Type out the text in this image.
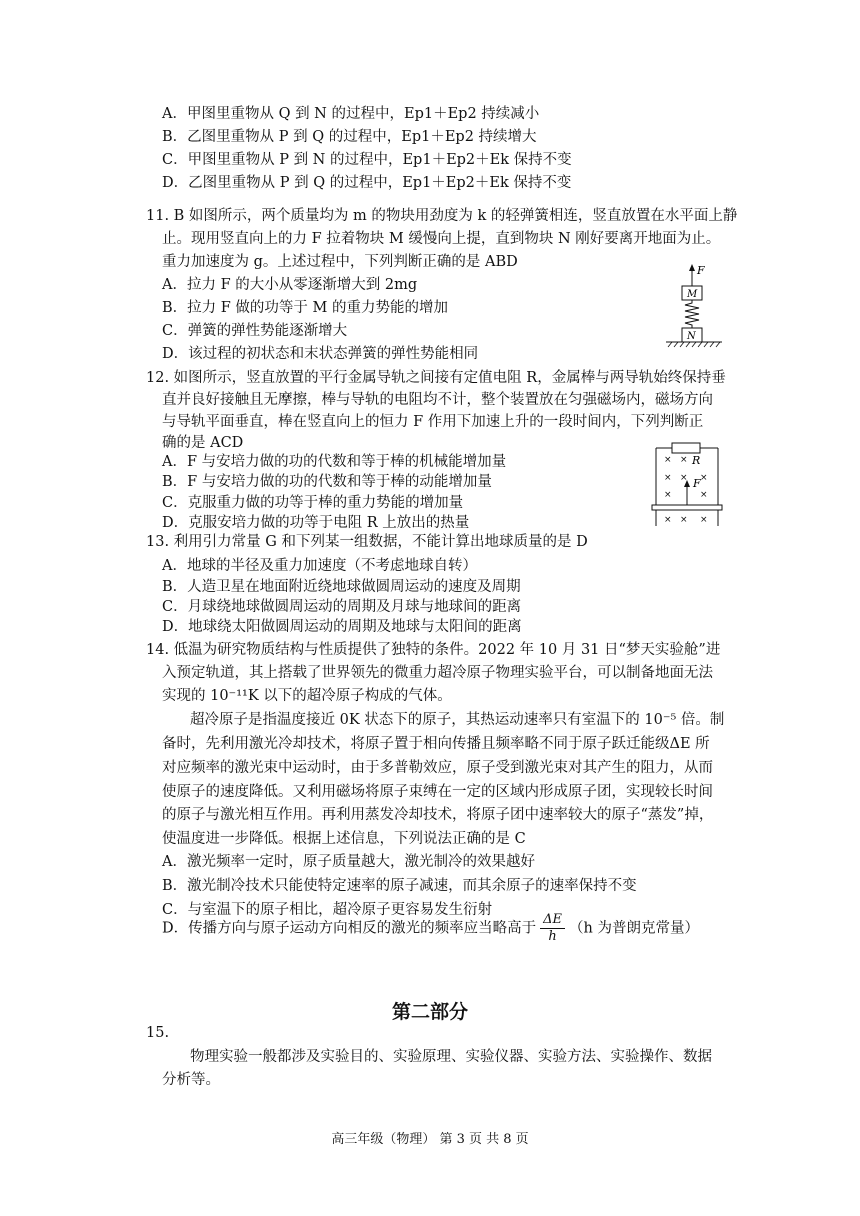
A．甲图里重物从 Q 到 N 的过程中，Ep1＋Ep2 持续减小
B．乙图里重物从 P 到 Q 的过程中，Ep1＋Ep2 持续增大
C．甲图里重物从 P 到 N 的过程中，Ep1＋Ep2＋Ek 保持不变
D．乙图里重物从 P 到 Q 的过程中，Ep1＋Ep2＋Ek 保持不变
11. B 如图所示，两个质量均为 m 的物块用劲度为 k 的轻弹簧相连，竖直放置在水平面上静
止。现用竖直向上的力 F 拉着物块 M 缓慢向上提，直到物块 N 刚好要离开地面为止。
重力加速度为 g。上述过程中，下列判断正确的是 ABD
A．拉力 F 的大小从零逐渐增大到 2mg
B．拉力 F 做的功等于 M 的重力势能的增加
C．弹簧的弹性势能逐渐增大
D．该过程的初状态和末状态弹簧的弹性势能相同
F
M
N
12. 如图所示，竖直放置的平行金属导轨之间接有定值电阻 R，金属棒与两导轨始终保持垂
直并良好接触且无摩擦，棒与导轨的电阻均不计，整个装置放在匀强磁场内，磁场方向
与导轨平面垂直，棒在竖直向上的恒力 F 作用下加速上升的一段时间内，下列判断正
确的是 ACD
A．F 与安培力做的功的代数和等于棒的机械能增加量
B．F 与安培力做的功的代数和等于棒的动能增加量
C．克服重力做的功等于棒的重力势能的增加量
D．克服安培力做的功等于电阻 R 上放出的热量
R
F
× ×
× × ×
×	×
× × ×
13. 利用引力常量 G 和下列某一组数据，不能计算出地球质量的是 D
A．地球的半径及重力加速度（不考虑地球自转）
B．人造卫星在地面附近绕地球做圆周运动的速度及周期
C．月球绕地球做圆周运动的周期及月球与地球间的距离
D．地球绕太阳做圆周运动的周期及地球与太阳间的距离
14. 低温为研究物质结构与性质提供了独特的条件。2022 年 10 月 31 日“梦天实验舱”进
入预定轨道，其上搭载了世界领先的微重力超冷原子物理实验平台，可以制备地面无法
实现的 10⁻¹¹K 以下的超冷原子构成的气体。
超冷原子是指温度接近 0K 状态下的原子，其热运动速率只有室温下的 10⁻⁵ 倍。制
备时，先利用激光冷却技术，将原子置于相向传播且频率略不同于原子跃迁能级ΔE 所
对应频率的激光束中运动时，由于多普勒效应，原子受到激光束对其产生的阻力，从而
使原子的速度降低。又利用磁场将原子束缚在一定的区域内形成原子团，实现较长时间
的原子与激光相互作用。再利用蒸发冷却技术，将原子团中速率较大的原子“蒸发”掉，
使温度进一步降低。根据上述信息，下列说法正确的是 C
A．激光频率一定时，原子质量越大，激光制冷的效果越好
B．激光制冷技术只能使特定速率的原子减速，而其余原子的速率保持不变
C．与室温下的原子相比，超冷原子更容易发生衍射
D．传播方向与原子运动方向相反的激光的频率应当略高于 $\frac{\Delta E}{h} (h$ 为普朗克常量）
第二部分
15.
物理实验一般都涉及实验目的、实验原理、实验仪器、实验方法、实验操作、数据
分析等。
高三年级（物理） 第 3 页 共 8 页
